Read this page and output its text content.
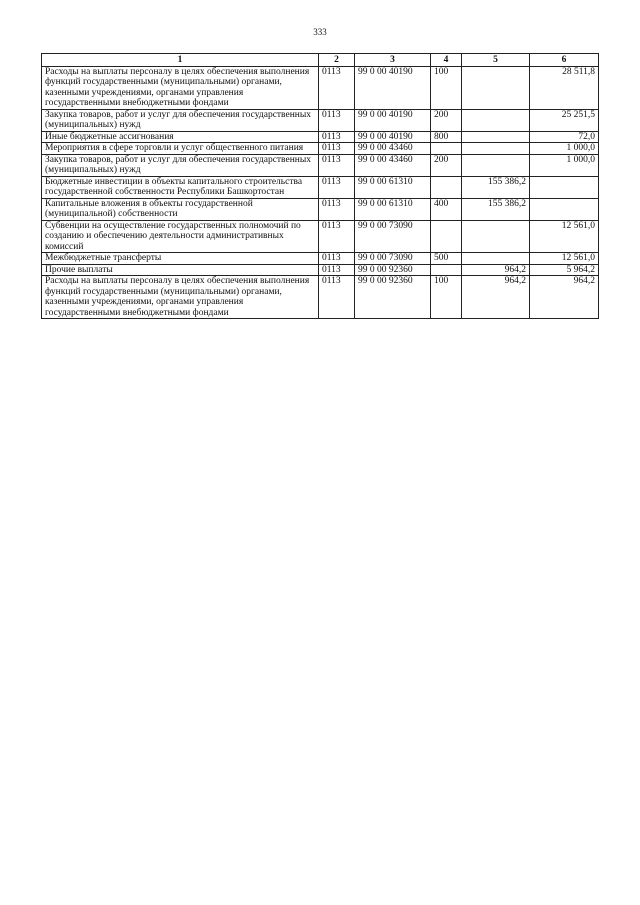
333
1	2	3	4	5	6
Расходы на выплаты персоналу в целях обеспечения выполнения функций государственными (муниципальными) органами, казенными учреждениями, органами управления государственными внебюджетными фондами	0113	99 0 00 40190	100		28 511,8
Закупка товаров, работ и услуг для обеспечения государственных (муниципальных) нужд	0113	99 0 00 40190	200		25 251,5
Иные бюджетные ассигнования	0113	99 0 00 40190	800		72,0
Мероприятия в сфере торговли и услуг общественного питания	0113	99 0 00 43460			1 000,0
Закупка товаров, работ и услуг для обеспечения государственных (муниципальных) нужд	0113	99 0 00 43460	200		1 000,0
Бюджетные инвестиции в объекты капитального строительства государственной собственности Республики Башкортостан	0113	99 0 00 61310		155 386,2	
Капитальные вложения в объекты государственной (муниципальной) собственности	0113	99 0 00 61310	400	155 386,2	
Субвенции на осуществление государственных полномочий по созданию и обеспечению деятельности административных комиссий	0113	99 0 00 73090			12 561,0
Межбюджетные трансферты	0113	99 0 00 73090	500		12 561,0
Прочие выплаты	0113	99 0 00 92360		964,2	5 964,2
Расходы на выплаты персоналу в целях обеспечения выполнения функций государственными (муниципальными) органами, казенными учреждениями, органами управления государственными внебюджетными фондами	0113	99 0 00 92360	100	964,2	964,2
